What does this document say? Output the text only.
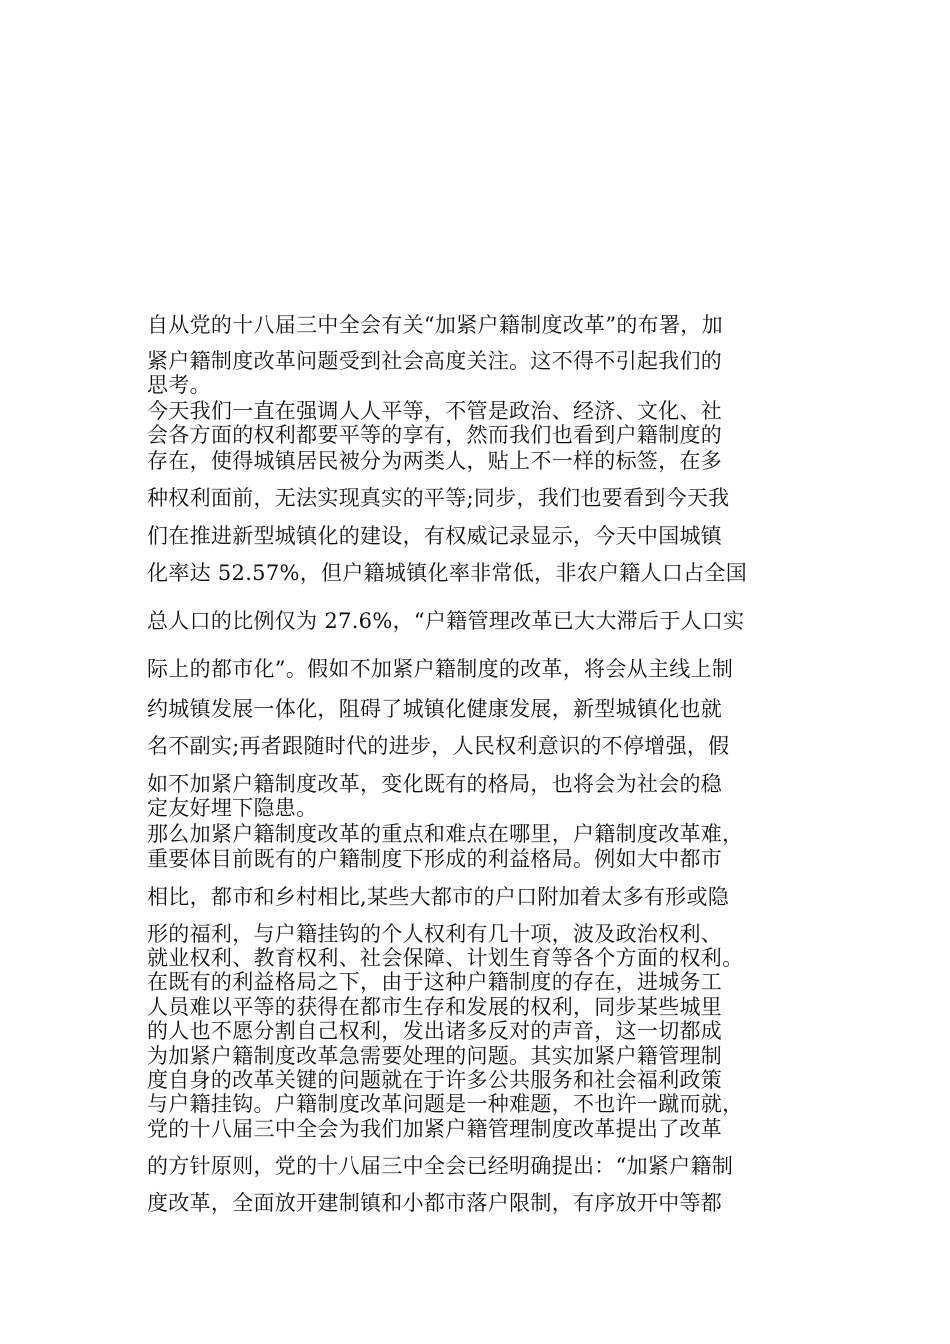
自从党的十八届三中全会有关“加紧户籍制度改革”的布署，加
紧户籍制度改革问题受到社会高度关注。这不得不引起我们的
思考。
今天我们一直在强调人人平等，不管是政治、经济、文化、社
会各方面的权利都要平等的享有，然而我们也看到户籍制度的
存在，使得城镇居民被分为两类人，贴上不一样的标签，在多
种权利面前，无法实现真实的平等;同步，我们也要看到今天我
们在推进新型城镇化的建设，有权威记录显示，今天中国城镇
化率达 52.57%，但户籍城镇化率非常低，非农户籍人口占全国
总人口的比例仅为 27.6%，“户籍管理改革已大大滞后于人口实
际上的都市化”。假如不加紧户籍制度的改革，将会从主线上制
约城镇发展一体化，阻碍了城镇化健康发展，新型城镇化也就
名不副实;再者跟随时代的进步，人民权利意识的不停增强，假
如不加紧户籍制度改革，变化既有的格局，也将会为社会的稳
定友好埋下隐患。
那么加紧户籍制度改革的重点和难点在哪里，户籍制度改革难，
重要体目前既有的户籍制度下形成的利益格局。例如大中都市
相比，都市和乡村相比,某些大都市的户口附加着太多有形或隐
形的福利，与户籍挂钩的个人权利有几十项，波及政治权利、
就业权利、教育权利、社会保障、计划生育等各个方面的权利。
在既有的利益格局之下，由于这种户籍制度的存在，进城务工
人员难以平等的获得在都市生存和发展的权利，同步某些城里
的人也不愿分割自己权利，发出诸多反对的声音，这一切都成
为加紧户籍制度改革急需要处理的问题。其实加紧户籍管理制
度自身的改革关键的问题就在于许多公共服务和社会福利政策
与户籍挂钩。户籍制度改革问题是一种难题，不也许一蹴而就，
党的十八届三中全会为我们加紧户籍管理制度改革提出了改革
的方针原则，党的十八届三中全会已经明确提出：“加紧户籍制
度改革，全面放开建制镇和小都市落户限制，有序放开中等都
